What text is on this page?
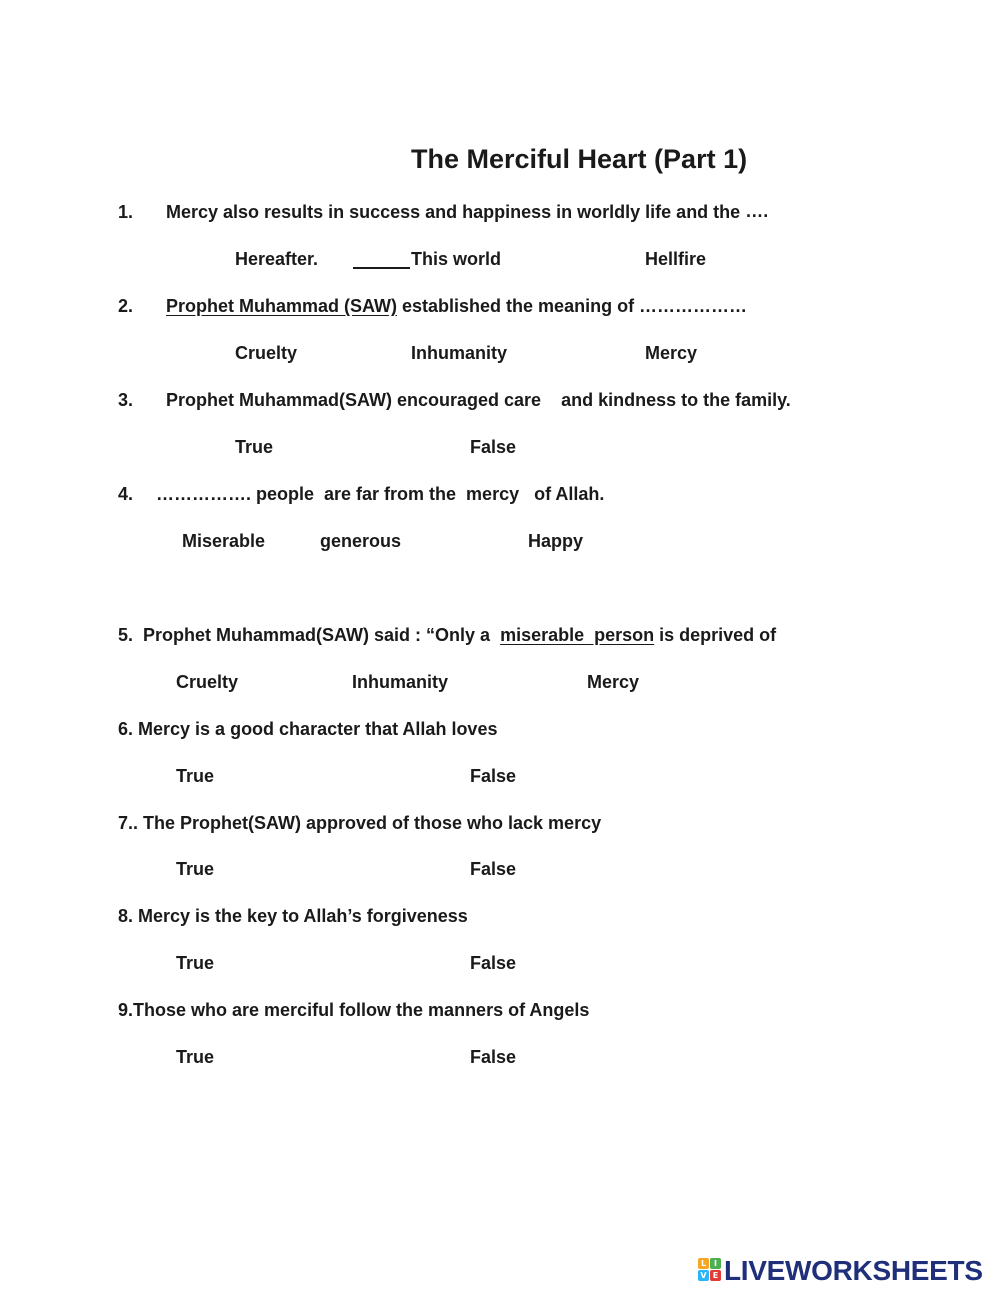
The Merciful Heart (Part 1)
1. Mercy also results in success and happiness in worldly life and the ….
Hereafter.	This world	Hellfire
2. Prophet Muhammad (SAW) established the meaning of ………………
Cruelty	Inhumanity	Mercy
3. Prophet Muhammad(SAW) encouraged care    and kindness to the family.
True	False
4. ……………. people  are far from the  mercy   of Allah.
Miserable	generous	Happy
5.  Prophet Muhammad(SAW) said : “Only a  miserable  person is deprived of
Cruelty	Inhumanity	Mercy
6. Mercy is a good character that Allah loves
True	False
7.. The Prophet(SAW) approved of those who lack mercy
True	False
8. Mercy is the key to Allah’s forgiveness
True	False
9.Those who are merciful follow the manners of Angels
True	False
L I
V E LIVEWORKSHEETS
